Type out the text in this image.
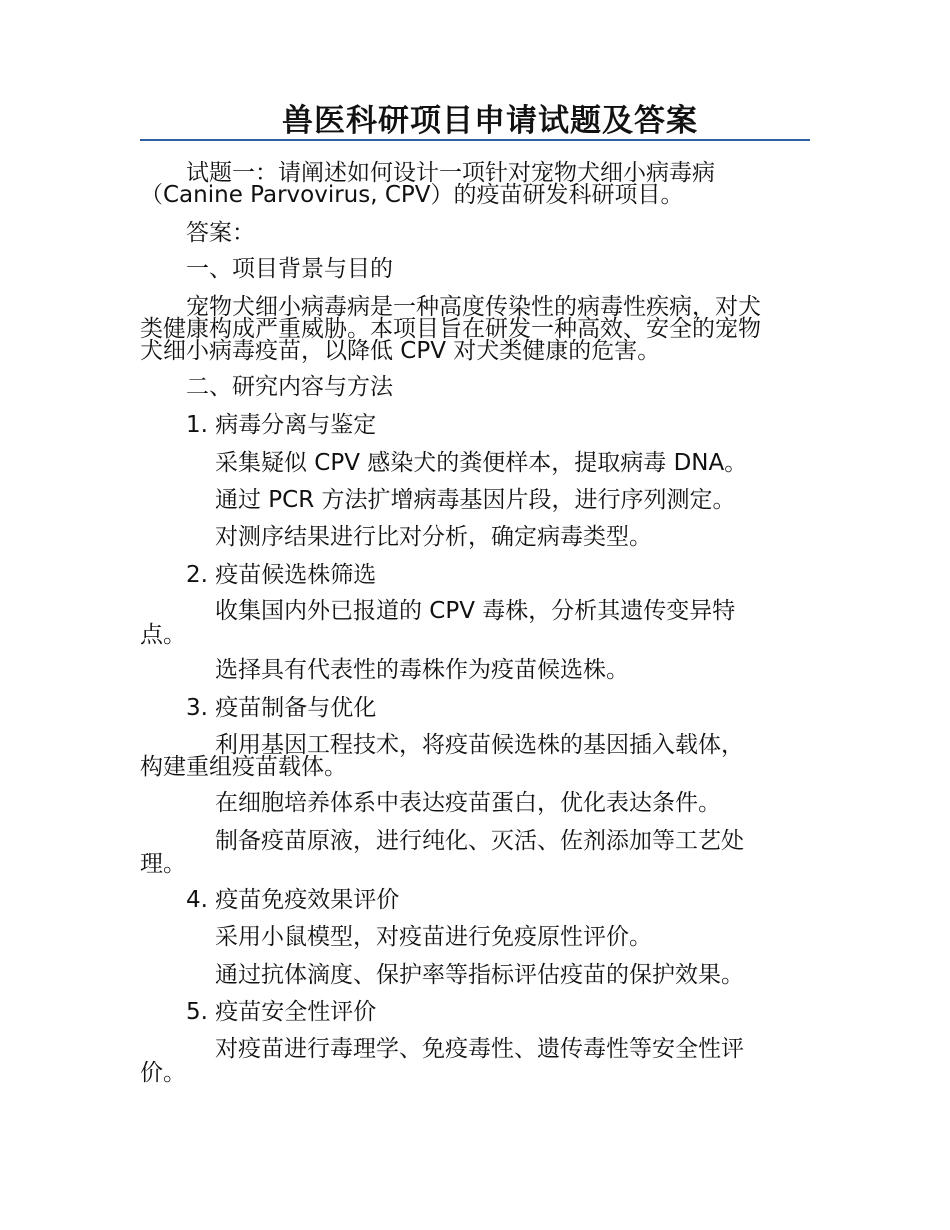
兽医科研项目申请试题及答案
试题一：请阐述如何设计一项针对宠物犬细小病毒病
（Canine Parvovirus, CPV）的疫苗研发科研项目。
答案：
一、项目背景与目的
宠物犬细小病毒病是一种高度传染性的病毒性疾病，对犬
类健康构成严重威胁。本项目旨在研发一种高效、安全的宠物
犬细小病毒疫苗，以降低 CPV 对犬类健康的危害。
二、研究内容与方法
1. 病毒分离与鉴定
采集疑似 CPV 感染犬的粪便样本，提取病毒 DNA。
通过 PCR 方法扩增病毒基因片段，进行序列测定。
对测序结果进行比对分析，确定病毒类型。
2. 疫苗候选株筛选
收集国内外已报道的 CPV 毒株，分析其遗传变异特
点。
选择具有代表性的毒株作为疫苗候选株。
3. 疫苗制备与优化
利用基因工程技术，将疫苗候选株的基因插入载体，
构建重组疫苗载体。
在细胞培养体系中表达疫苗蛋白，优化表达条件。
制备疫苗原液，进行纯化、灭活、佐剂添加等工艺处
理。
4. 疫苗免疫效果评价
采用小鼠模型，对疫苗进行免疫原性评价。
通过抗体滴度、保护率等指标评估疫苗的保护效果。
5. 疫苗安全性评价
对疫苗进行毒理学、免疫毒性、遗传毒性等安全性评
价。
